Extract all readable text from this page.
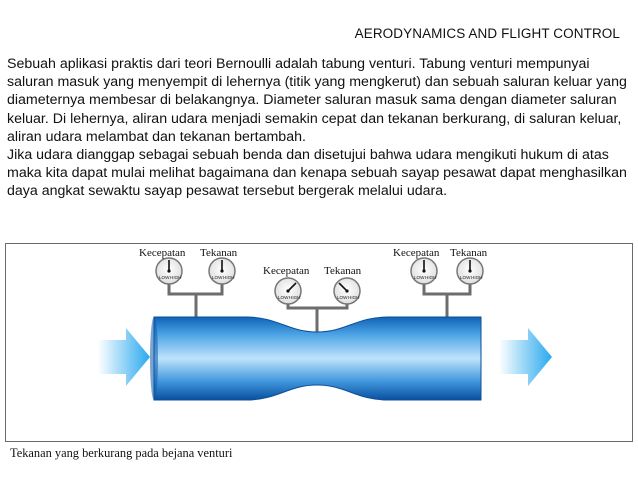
AERODYNAMICS AND FLIGHT CONTROL

Sebuah aplikasi praktis dari teori Bernoulli adalah tabung venturi. Tabung venturi mempunyai saluran masuk yang menyempit di lehernya (titik yang mengkerut) dan sebuah saluran keluar yang diameternya membesar di belakangnya. Diameter saluran masuk sama dengan diameter saluran keluar. Di lehernya, aliran udara menjadi semakin cepat dan tekanan berkurang, di saluran keluar, aliran udara melambat dan tekanan bertambah.

Jika udara dianggap sebagai sebuah benda dan disetujui bahwa udara mengikuti hukum di atas maka kita dapat mulai melihat bagaimana dan kenapa sebuah sayap pesawat dapat menghasilkan daya angkat sewaktu sayap pesawat tersebut bergerak melalui udara.

LOW HIGH	LOW HIGH
LOW HIGH	LOW HIGH
LOW HIGH	LOW HIGH
Kecepatan Tekanan
Kecepatan Tekanan
Kecepatan Tekanan
Tekanan yang berkurang pada bejana venturi
